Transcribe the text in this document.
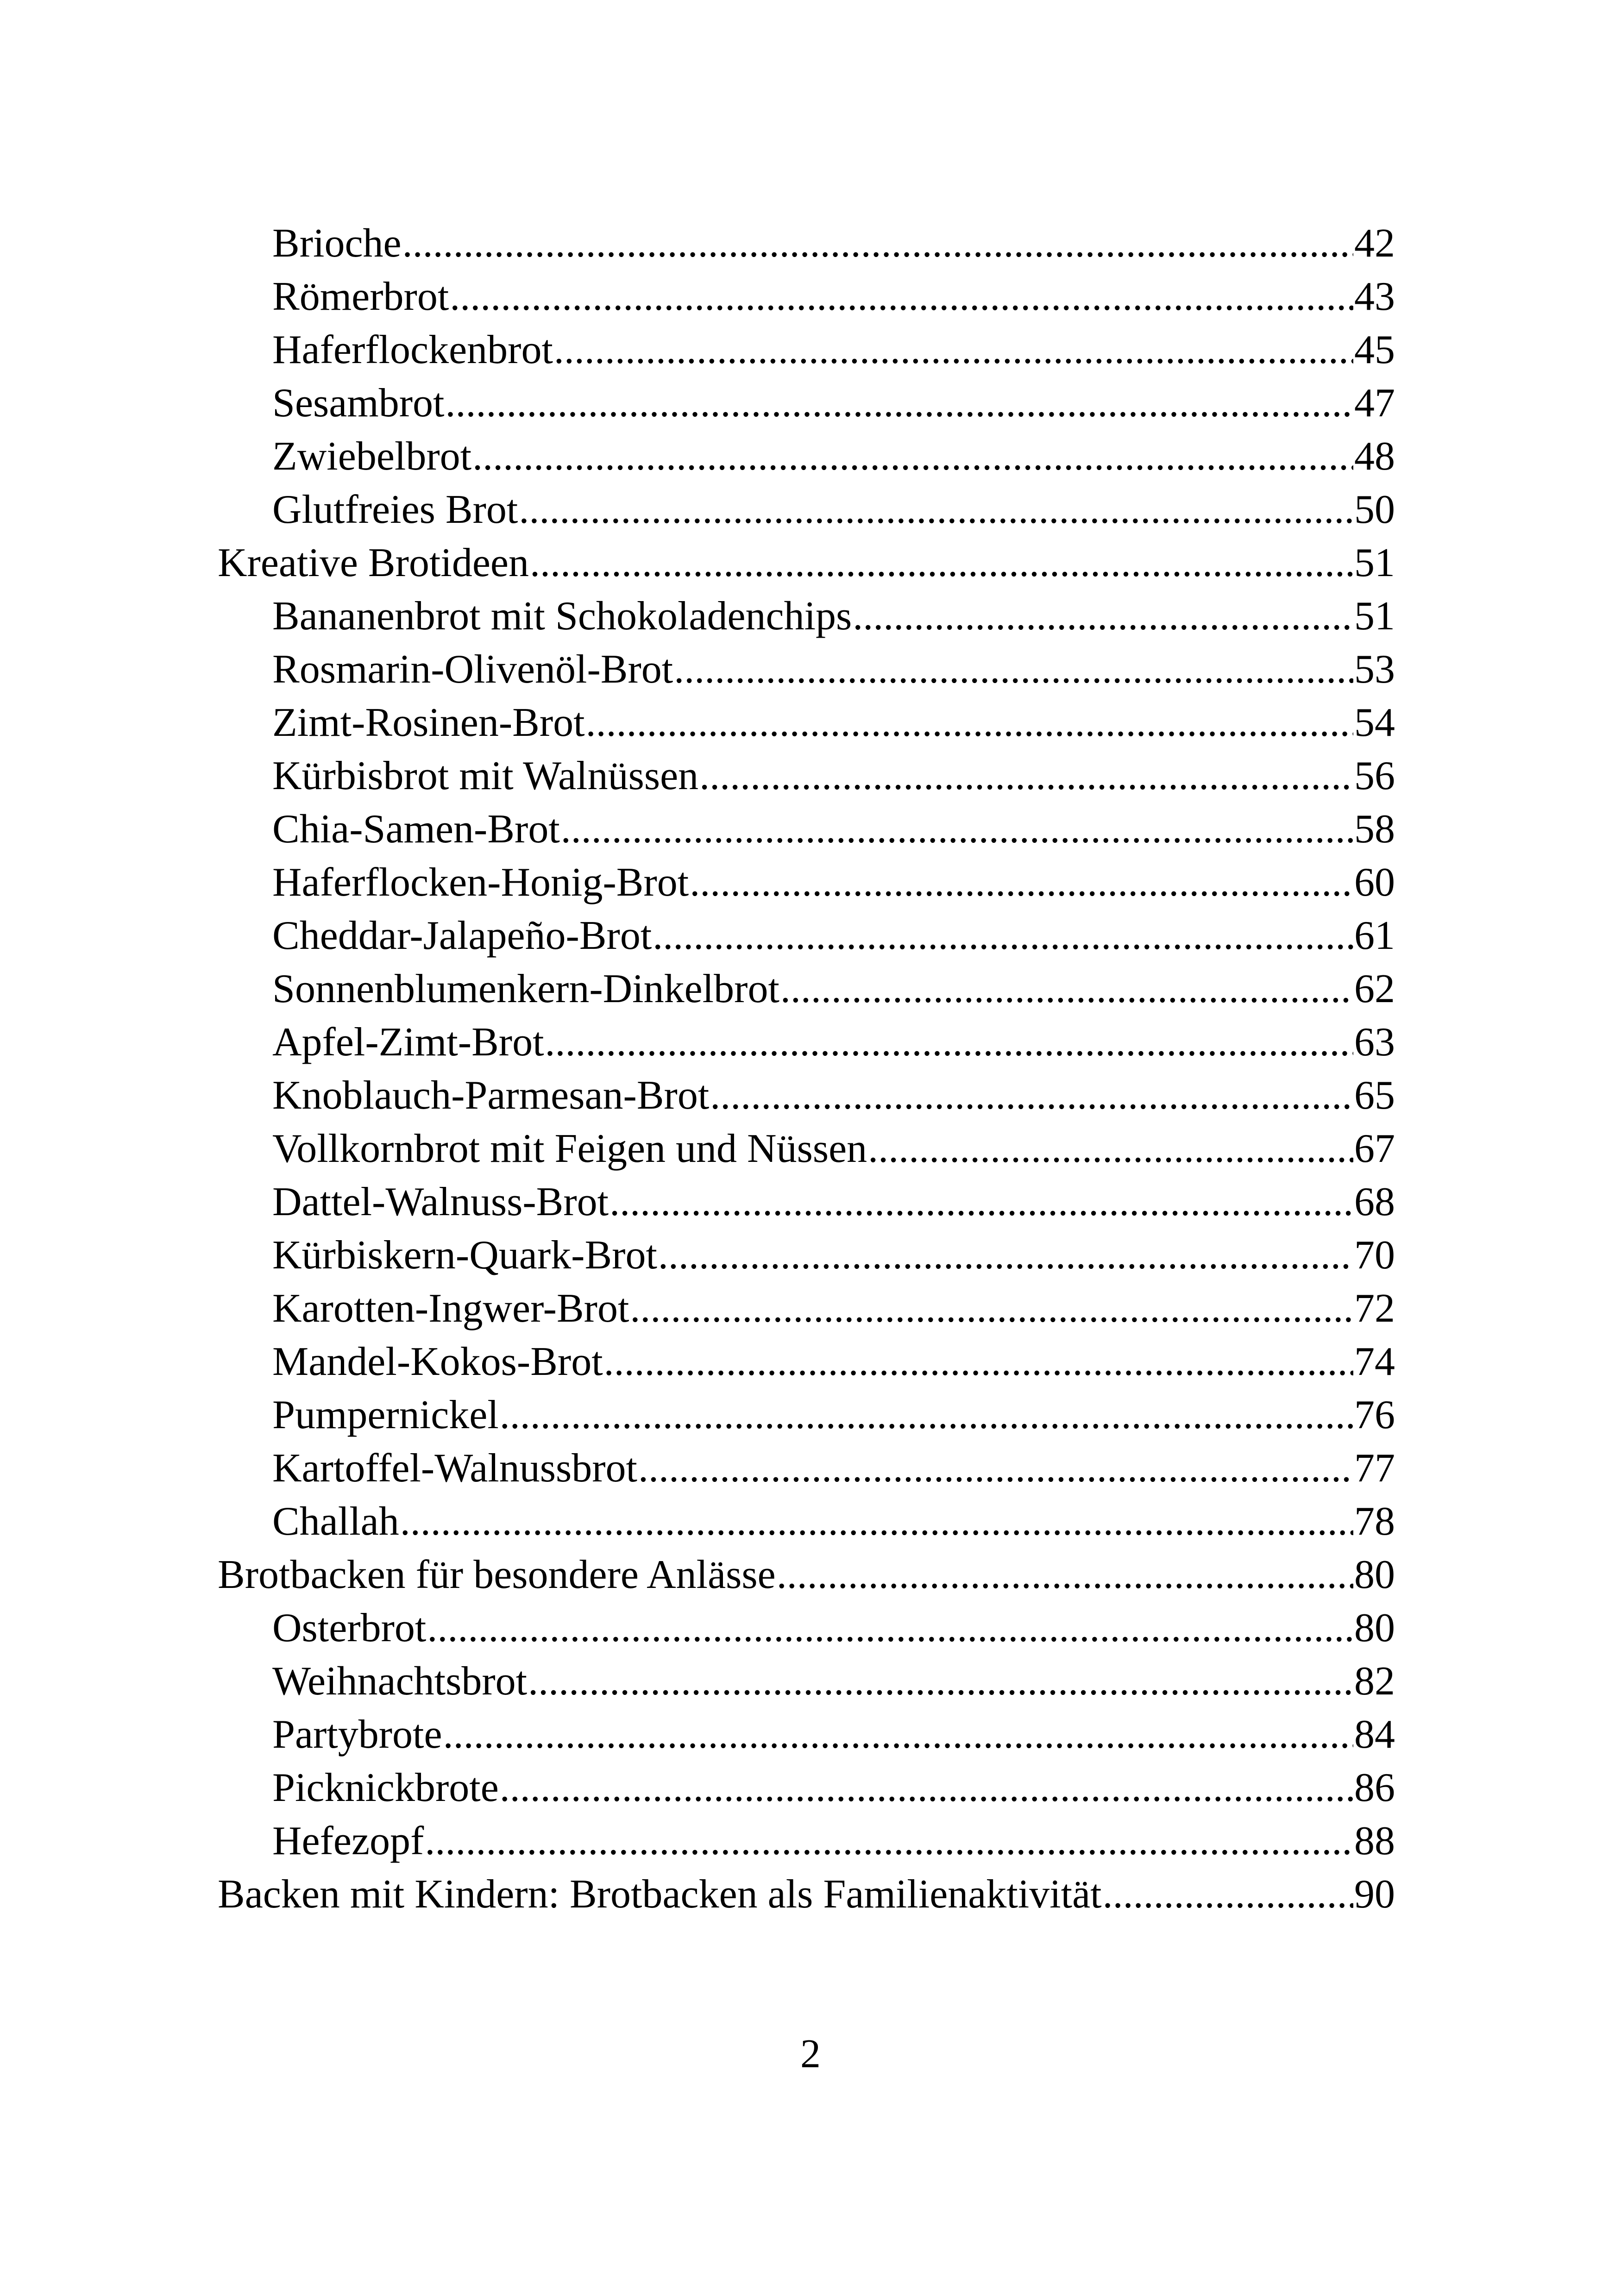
Brioche .....	42
Römerbrot .....	43
Haferflockenbrot .....	45
Sesambrot .....	47
Zwiebelbrot .....	48
Glutfreies Brot .....	50
Kreative Brotideen .....	51
Bananenbrot mit Schokoladenchips .....	51
Rosmarin-Olivenöl-Brot .....	53
Zimt-Rosinen-Brot .....	54
Kürbisbrot mit Walnüssen .....	56
Chia-Samen-Brot .....	58
Haferflocken-Honig-Brot .....	60
Cheddar-Jalapeño-Brot .....	61
Sonnenblumenkern-Dinkelbrot .....	62
Apfel-Zimt-Brot .....	63
Knoblauch-Parmesan-Brot .....	65
Vollkornbrot mit Feigen und Nüssen .....	67
Dattel-Walnuss-Brot .....	68
Kürbiskern-Quark-Brot .....	70
Karotten-Ingwer-Brot .....	72
Mandel-Kokos-Brot .....	74
Pumpernickel .....	76
Kartoffel-Walnussbrot .....	77
Challah .....	78
Brotbacken für besondere Anlässe .....	80
Osterbrot .....	80
Weihnachtsbrot .....	82
Partybrote .....	84
Picknickbrote .....	86
Hefezopf .....	88
Backen mit Kindern: Brotbacken als Familienaktivität .....	90
2
